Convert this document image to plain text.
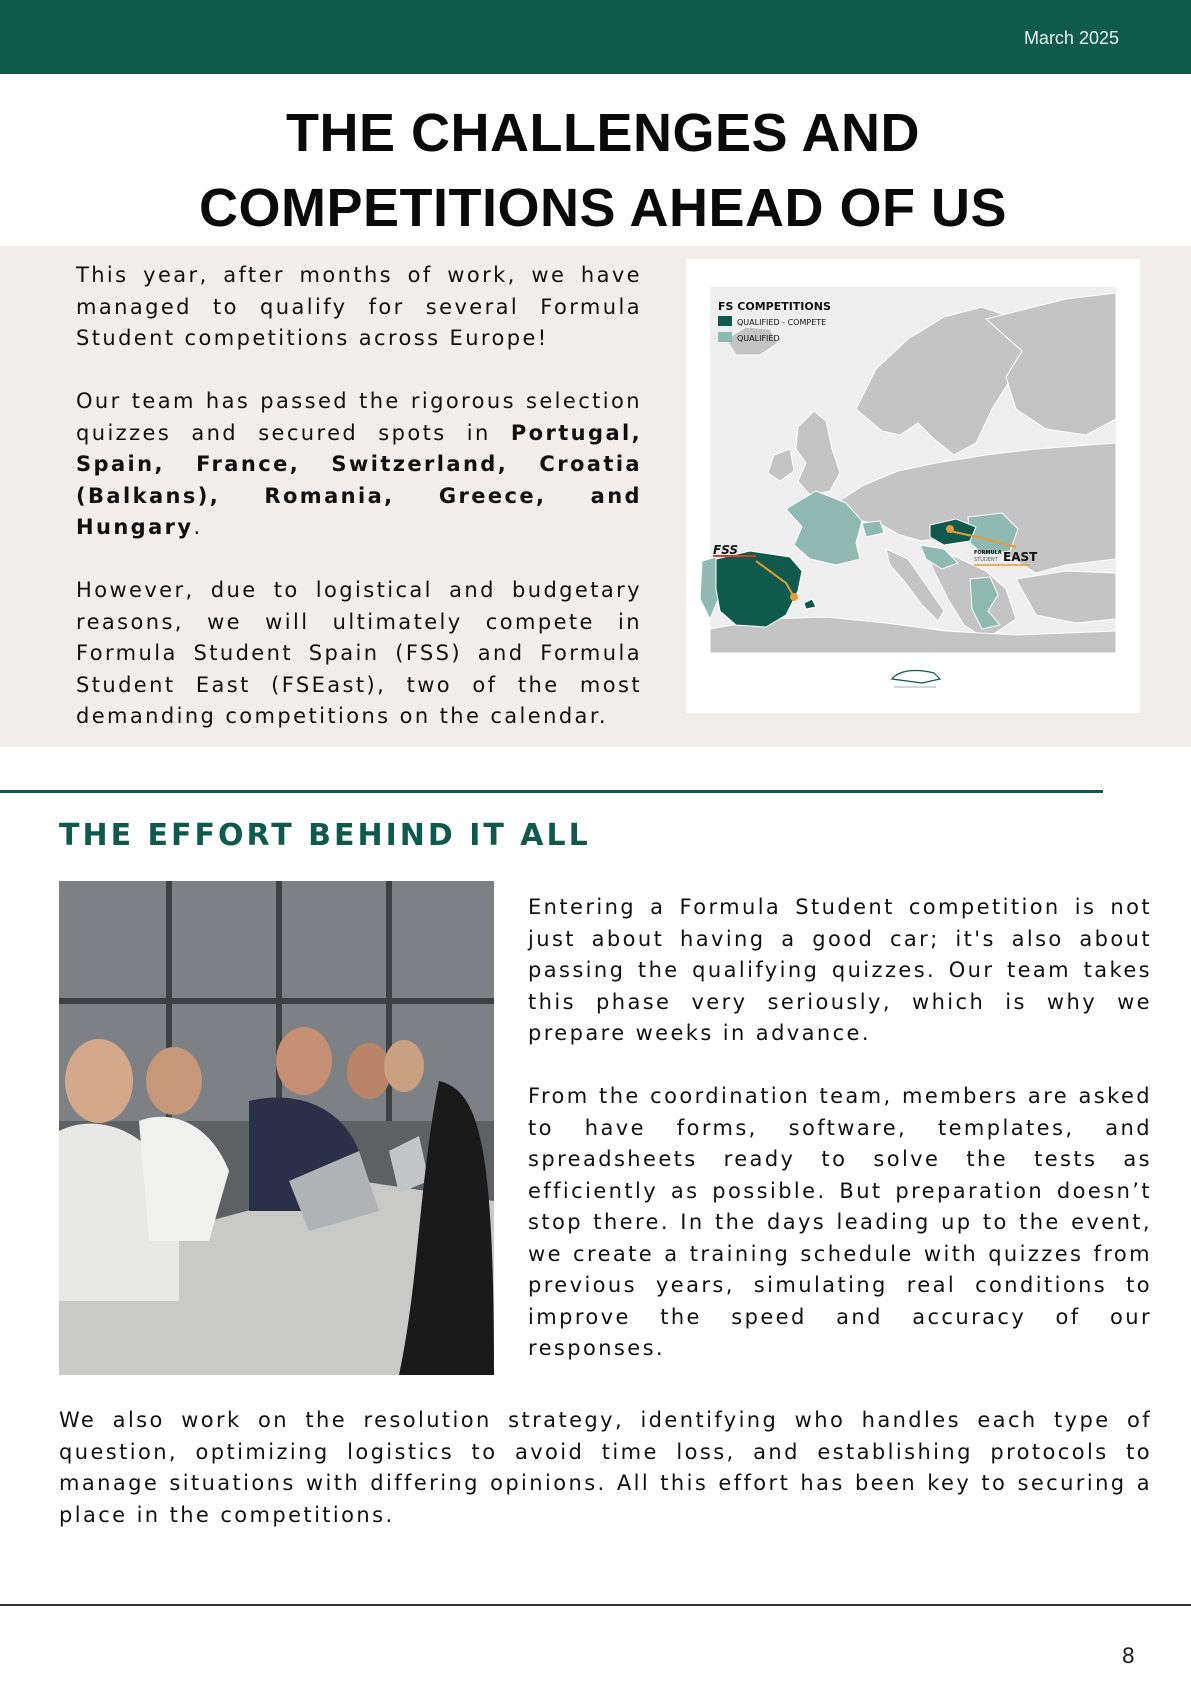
March 2025
THE CHALLENGES AND
COMPETITIONS AHEAD OF US

This year, after months of work, we have managed to qualify for several Formula Student competitions across Europe!

Our team has passed the rigorous selection quizzes and secured spots in Portugal, Spain, France, Switzerland, Croatia (Balkans), Romania, Greece, and Hungary.

However, due to logistical and budgetary reasons, we will ultimately compete in Formula Student Spain (FSS) and Formula Student East (FSEast), two of the most demanding competitions on the calendar.

FSS	FORMULA
STUDENT EAST
FS COMPETITIONS
QUALIFIED - COMPETE
QUALIFIED
THE EFFORT BEHIND IT ALL

Entering a Formula Student competition is not just about having a good car; it's also about passing the qualifying quizzes. Our team takes this phase very seriously, which is why we prepare weeks in advance.

From the coordination team, members are asked to have forms, software, templates, and spreadsheets ready to solve the tests as efficiently as possible. But preparation doesn’t stop there. In the days leading up to the event, we create a training schedule with quizzes from previous years, simulating real conditions to improve the speed and accuracy of our responses.

We also work on the resolution strategy, identifying who handles each type of question, optimizing logistics to avoid time loss, and establishing protocols to manage situations with differing opinions. All this effort has been key to securing a place in the competitions.

8
